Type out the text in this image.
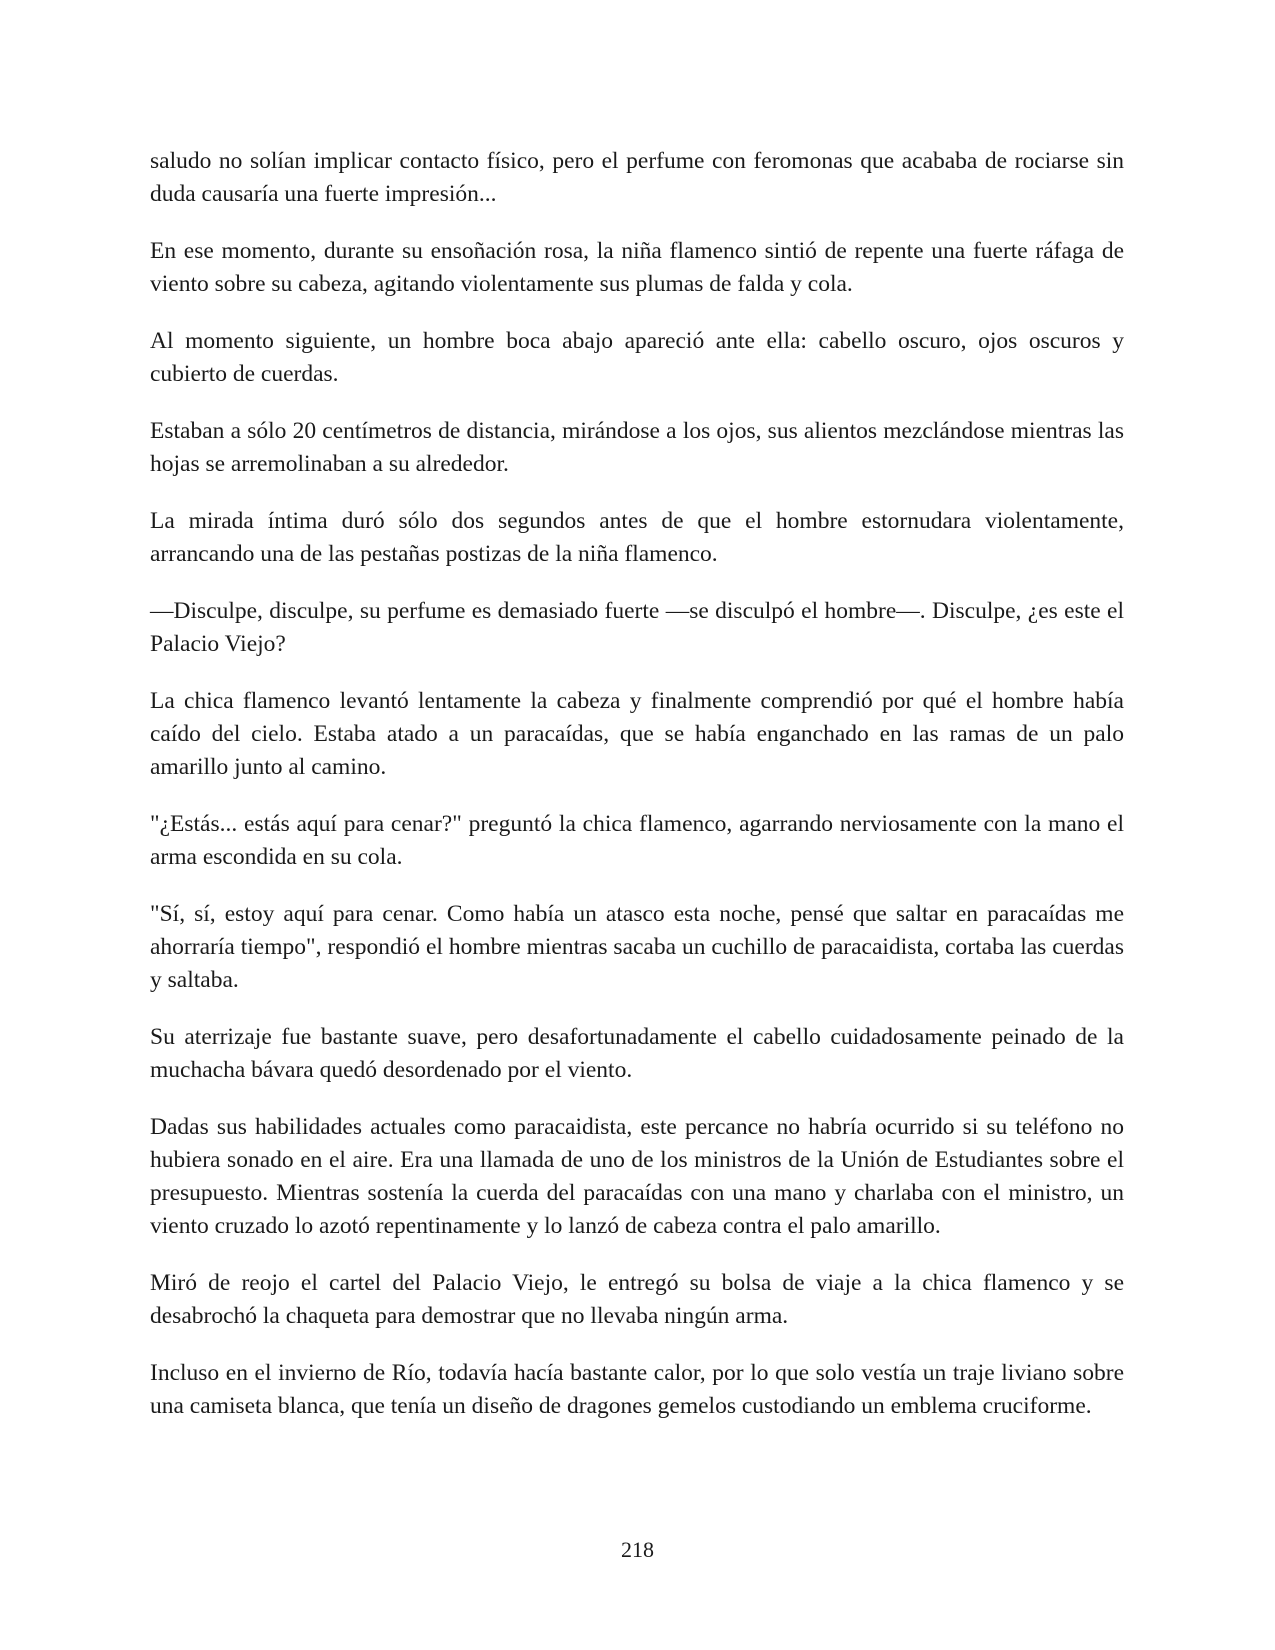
saludo no solían implicar contacto físico, pero el perfume con feromonas que acababa de rociarse sin duda causaría una fuerte impresión...

En ese momento, durante su ensoñación rosa, la niña flamenco sintió de repente una fuerte ráfaga de viento sobre su cabeza, agitando violentamente sus plumas de falda y cola.

Al momento siguiente, un hombre boca abajo apareció ante ella: cabello oscuro, ojos oscuros y cubierto de cuerdas.

Estaban a sólo 20 centímetros de distancia, mirándose a los ojos, sus alientos mezclándose mientras las hojas se arremolinaban a su alrededor.

La mirada íntima duró sólo dos segundos antes de que el hombre estornudara violentamente, arrancando una de las pestañas postizas de la niña flamenco.

—Disculpe, disculpe, su perfume es demasiado fuerte —se disculpó el hombre—. Disculpe, ¿es este el Palacio Viejo?

La chica flamenco levantó lentamente la cabeza y finalmente comprendió por qué el hombre había caído del cielo. Estaba atado a un paracaídas, que se había enganchado en las ramas de un palo amarillo junto al camino.

"¿Estás... estás aquí para cenar?" preguntó la chica flamenco, agarrando nerviosamente con la mano el arma escondida en su cola.

"Sí, sí, estoy aquí para cenar. Como había un atasco esta noche, pensé que saltar en paracaídas me ahorraría tiempo", respondió el hombre mientras sacaba un cuchillo de paracaidista, cortaba las cuerdas y saltaba.

Su aterrizaje fue bastante suave, pero desafortunadamente el cabello cuidadosamente peinado de la muchacha bávara quedó desordenado por el viento.

Dadas sus habilidades actuales como paracaidista, este percance no habría ocurrido si su teléfono no hubiera sonado en el aire. Era una llamada de uno de los ministros de la Unión de Estudiantes sobre el presupuesto. Mientras sostenía la cuerda del paracaídas con una mano y charlaba con el ministro, un viento cruzado lo azotó repentinamente y lo lanzó de cabeza contra el palo amarillo.

Miró de reojo el cartel del Palacio Viejo, le entregó su bolsa de viaje a la chica flamenco y se desabrochó la chaqueta para demostrar que no llevaba ningún arma.

Incluso en el invierno de Río, todavía hacía bastante calor, por lo que solo vestía un traje liviano sobre una camiseta blanca, que tenía un diseño de dragones gemelos custodiando un emblema cruciforme.

218
